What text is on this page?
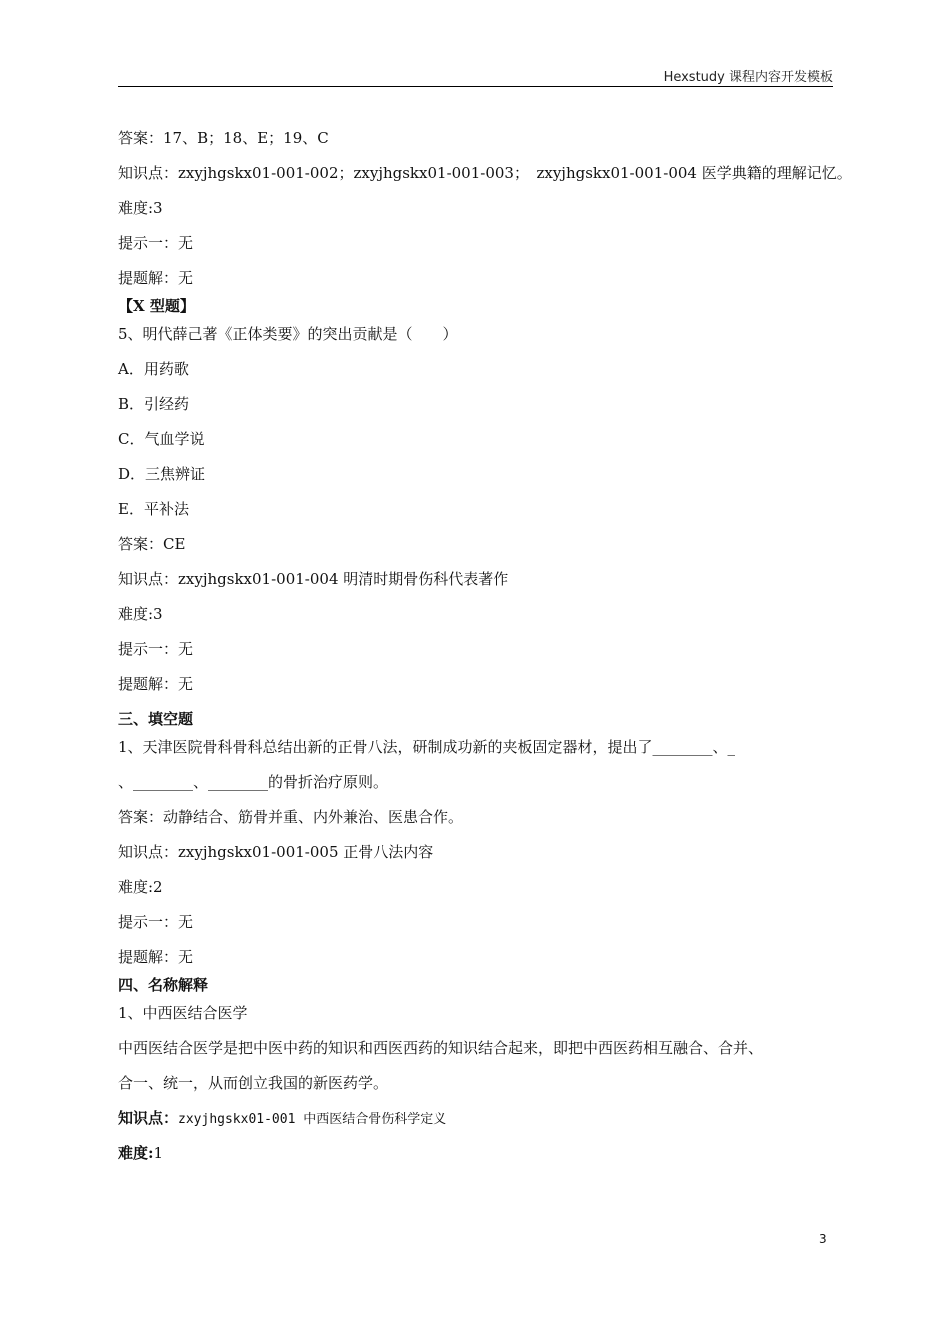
Hexstudy 课程内容开发模板
答案：17、B；18、E；19、C
知识点：zxyjhgskx01-001-002；zxyjhgskx01-001-003；　zxyjhgskx01-001-004 医学典籍的理解记忆。
难度:3
提示一：无
提题解：无
【X 型题】
5、明代薛己著《正体类要》的突出贡献是（　　）
A．用药歌
B．引经药
C．气血学说
D．三焦辨证
E．平补法
答案：CE
知识点：zxyjhgskx01-001-004 明清时期骨伤科代表著作
难度:3
提示一：无
提题解：无
三、填空题
1、天津医院骨科骨科总结出新的正骨八法，研制成功新的夹板固定器材，提出了________、_
、________、________的骨折治疗原则。
答案：动静结合、筋骨并重、内外兼治、医患合作。
知识点：zxyjhgskx01-001-005 正骨八法内容
难度:2
提示一：无
提题解：无
四、名称解释
1、中西医结合医学
中西医结合医学是把中医中药的知识和西医西药的知识结合起来，即把中西医药相互融合、合并、
合一、统一，从而创立我国的新医药学。
知识点：zxyjhgskx01-001 中西医结合骨伤科学定义
难度:1
3
